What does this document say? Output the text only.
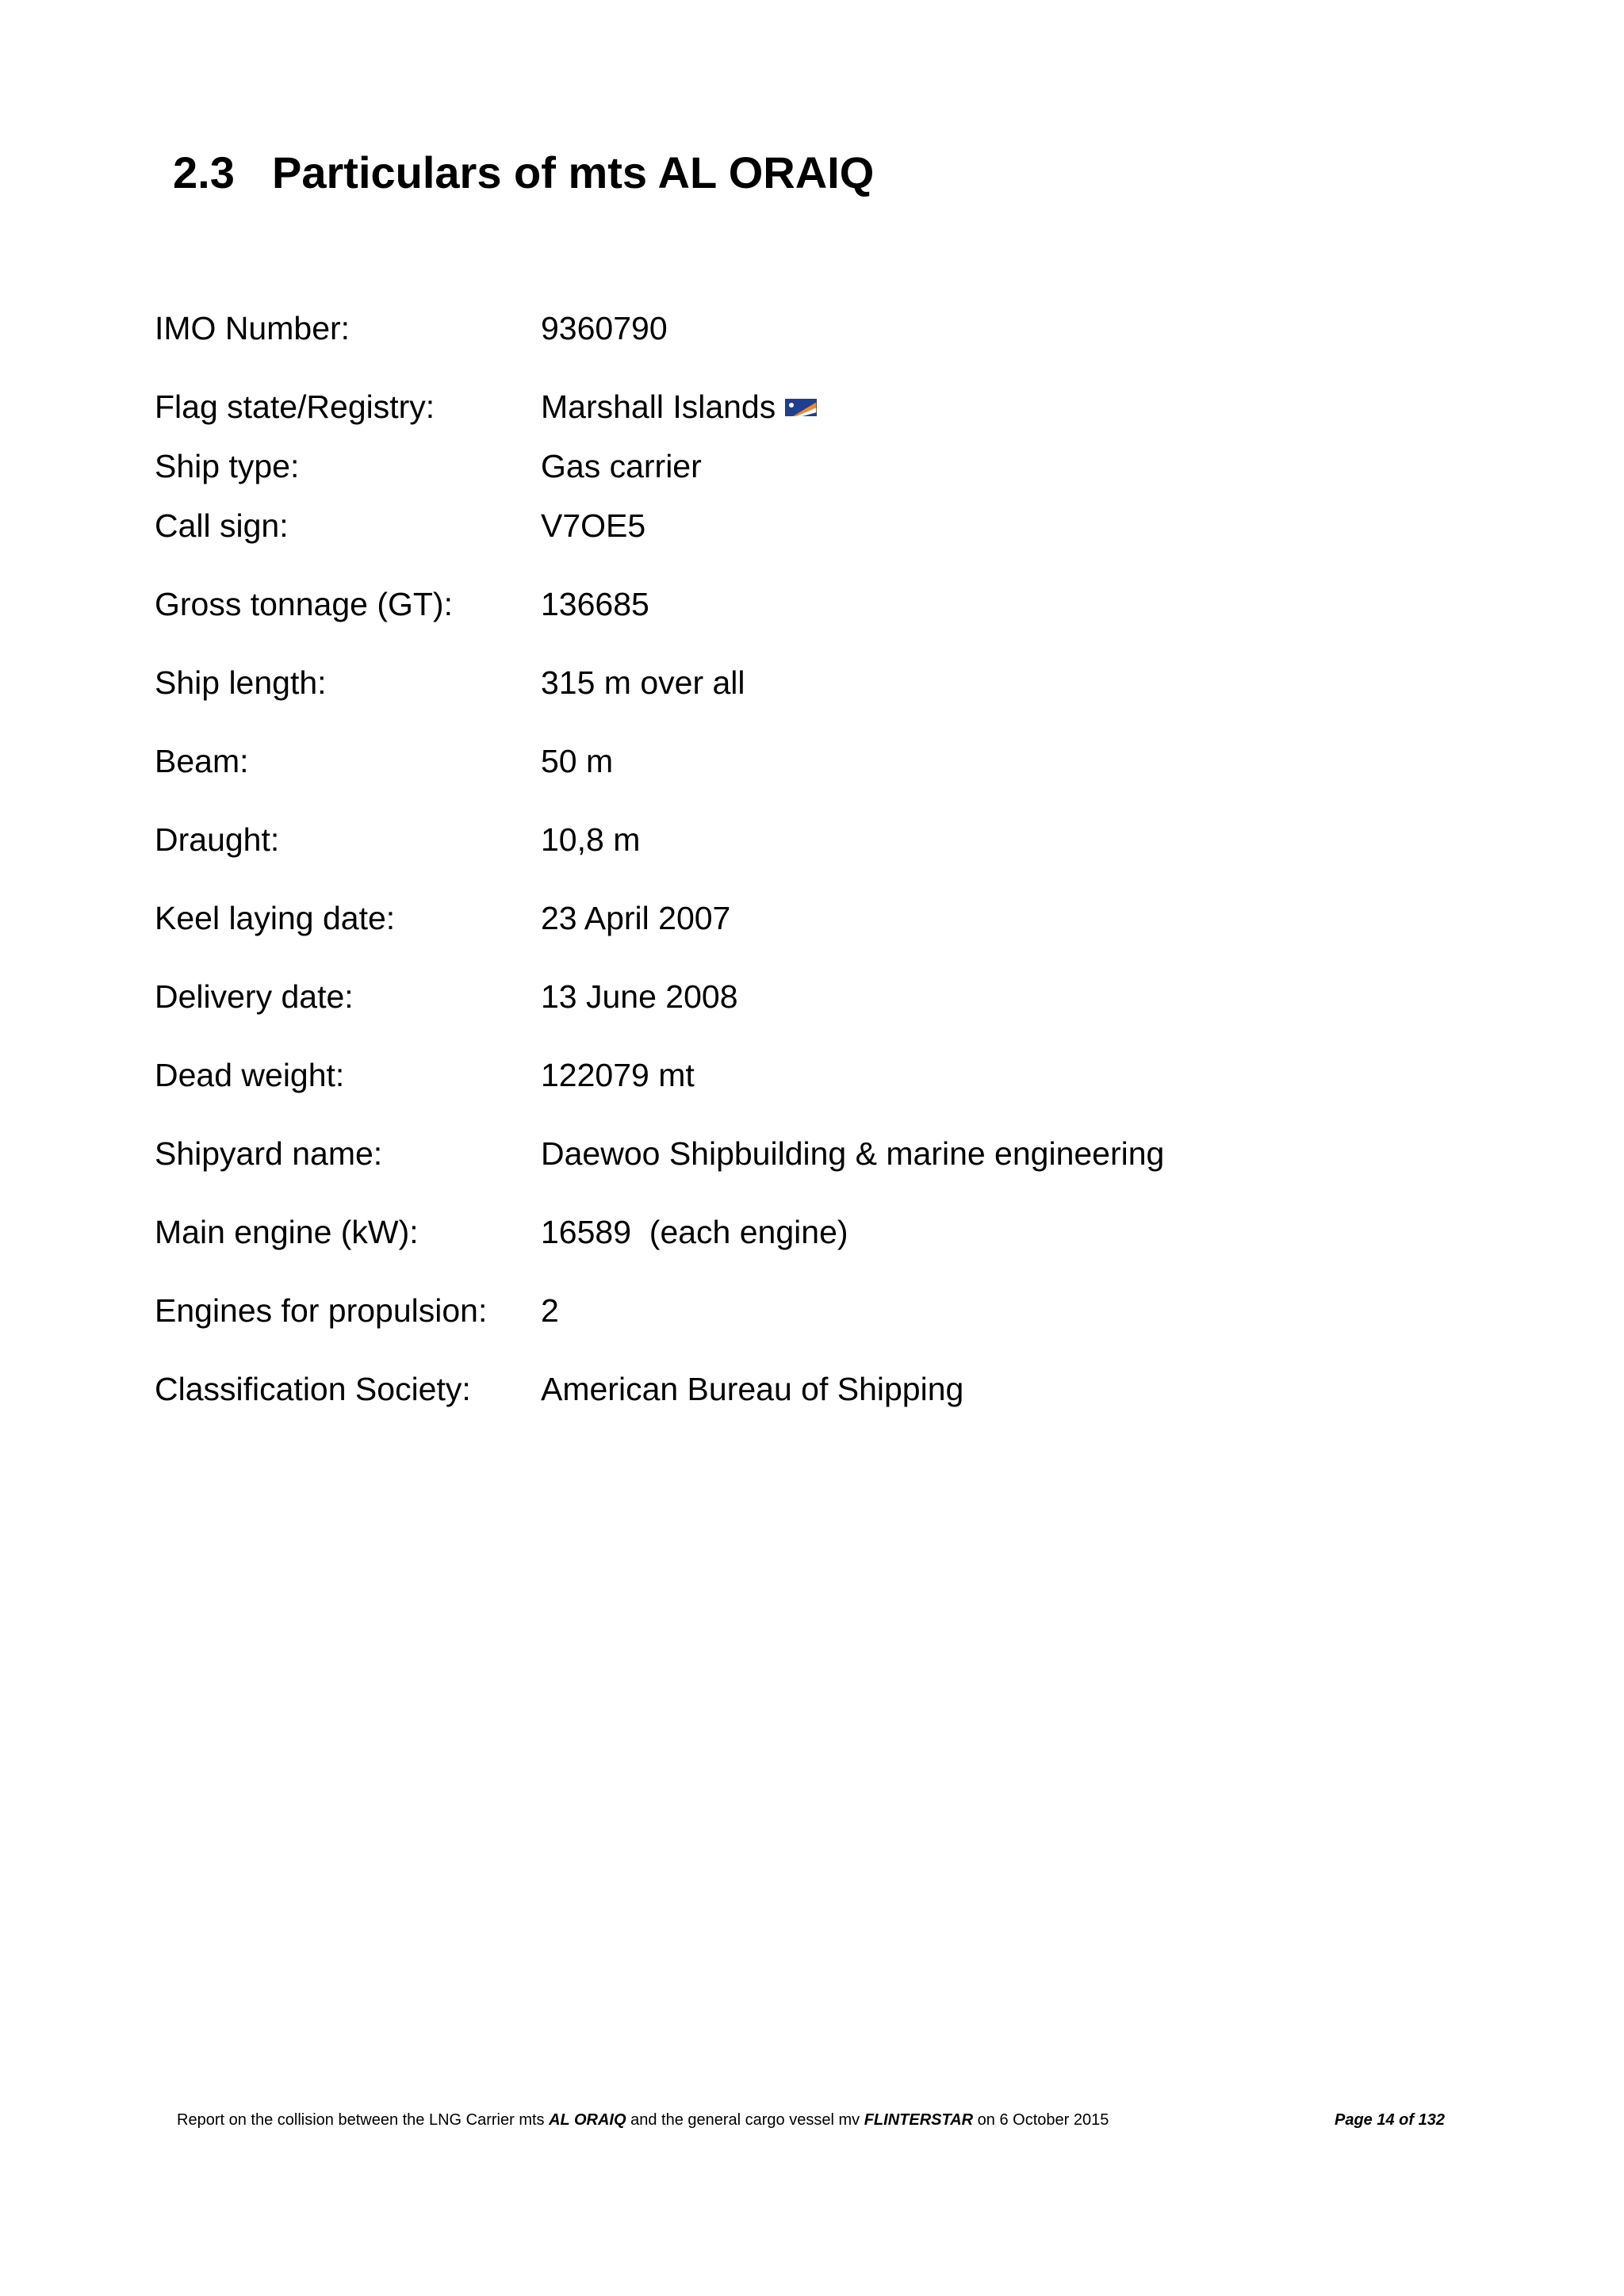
2.3 Particulars of mts AL ORAIQ
IMO Number:	9360790
Flag state/Registry:	Marshall Islands
Ship type:	Gas carrier
Call sign:	V7OE5
Gross tonnage (GT):	136685
Ship length:	315 m over all
Beam:	50 m
Draught:	10,8 m
Keel laying date:	23 April 2007
Delivery date:	13 June 2008
Dead weight:	122079 mt
Shipyard name:	Daewoo Shipbuilding & marine engineering
Main engine (kW):	16589  (each engine)
Engines for propulsion: 2
Classification Society: American Bureau of Shipping
Report on the collision between the LNG Carrier mts AL ORAIQ and the general cargo vessel mv FLINTERSTAR on 6 October 2015	Page 14 of 132
